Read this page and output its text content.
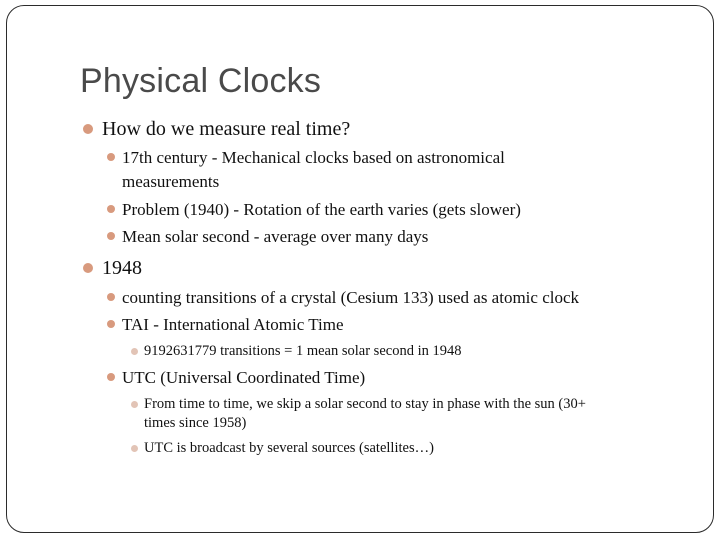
Physical Clocks
How do we measure real time?
17th century - Mechanical clocks based on astronomical
measurements
Problem (1940) - Rotation of the earth varies (gets slower)
Mean solar second - average over many days
1948
counting transitions of a crystal (Cesium 133) used as atomic clock
TAI - International Atomic Time
9192631779 transitions = 1 mean solar second in 1948
UTC (Universal Coordinated Time)
From time to time, we skip a solar second to stay in phase with the sun (30+
times since 1958)
UTC is broadcast by several sources (satellites…)
